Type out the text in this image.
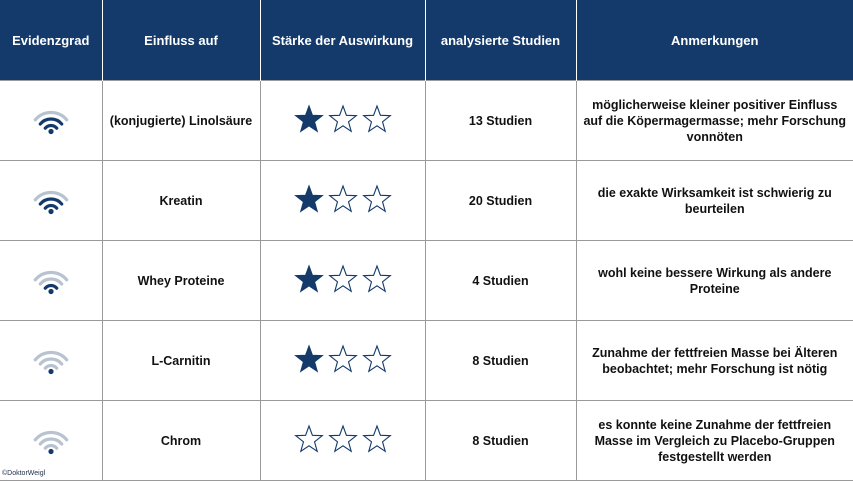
Evidenzgrad	Einfluss auf	Stärke der Auswirkung	analysierte Studien	Anmerkungen

	(konjugierte) Linolsäure		13 Studien	möglicherweise kleiner positiver Einfluss auf die Köpermagermasse; mehr Forschung vonnöten

	Kreatin		20 Studien	die exakte Wirksamkeit ist schwierig zu beurteilen

	Whey Proteine		4 Studien	wohl keine bessere Wirkung als andere Proteine

	L-Carnitin		8 Studien	Zunahme der fettfreien Masse bei Älteren beobachtet; mehr Forschung ist nötig

	Chrom		8 Studien	es konnte keine Zunahme der fettfreien Masse im Vergleich zu Placebo-Gruppen festgestellt werden
©DoktorWeigl
